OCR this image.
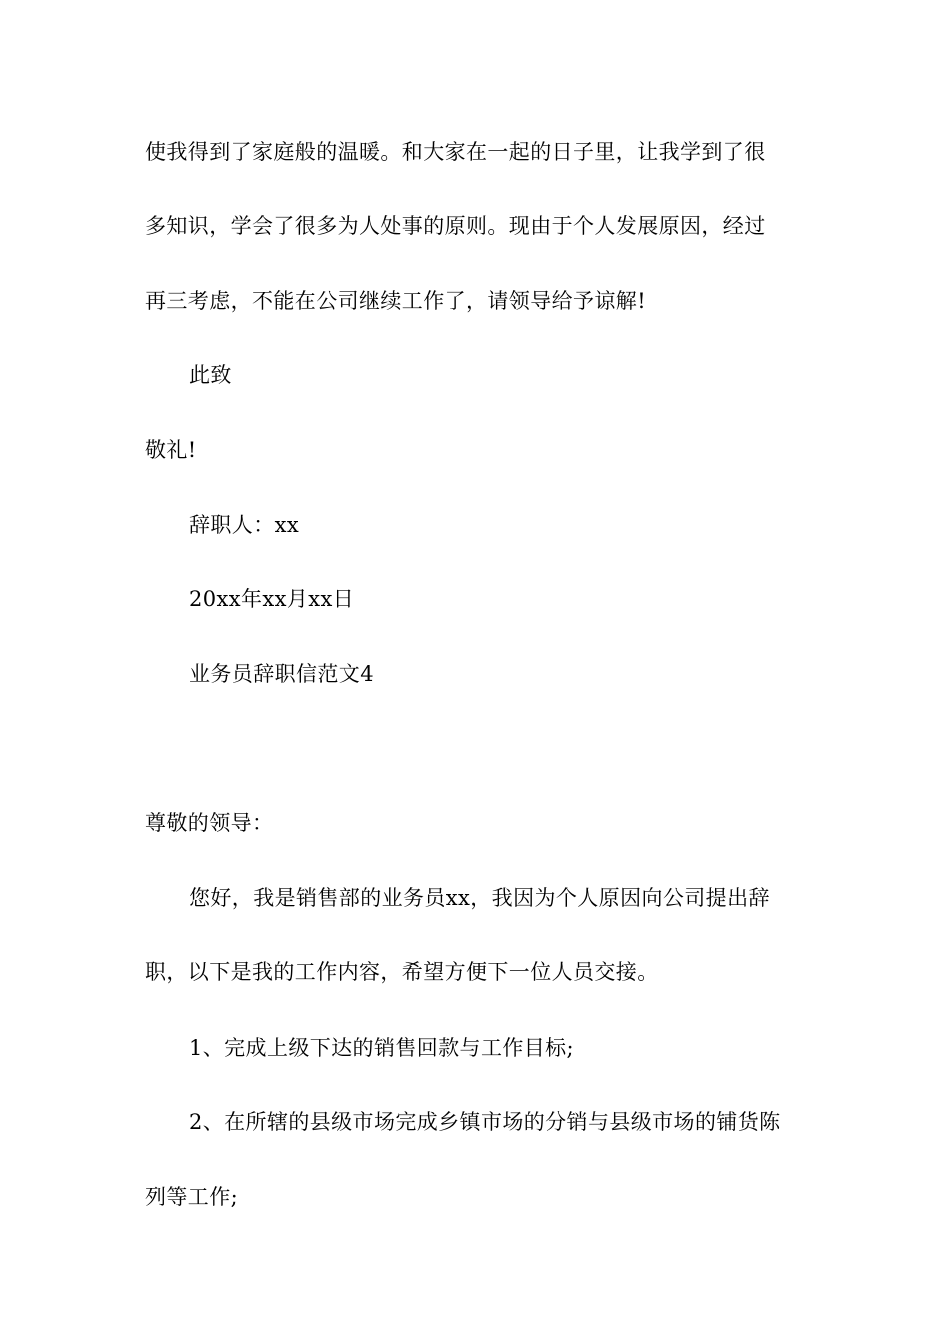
使我得到了家庭般的温暖。和大家在一起的日子里，让我学到了很
多知识，学会了很多为人处事的原则。现由于个人发展原因，经过
再三考虑，不能在公司继续工作了，请领导给予谅解!
此致
敬礼!
辞职人：xx
20xx年xx月xx日
业务员辞职信范文4
尊敬的领导：
您好，我是销售部的业务员xx，我因为个人原因向公司提出辞
职，以下是我的工作内容，希望方便下一位人员交接。
1、完成上级下达的销售回款与工作目标;
2、在所辖的县级市场完成乡镇市场的分销与县级市场的铺货陈
列等工作;
